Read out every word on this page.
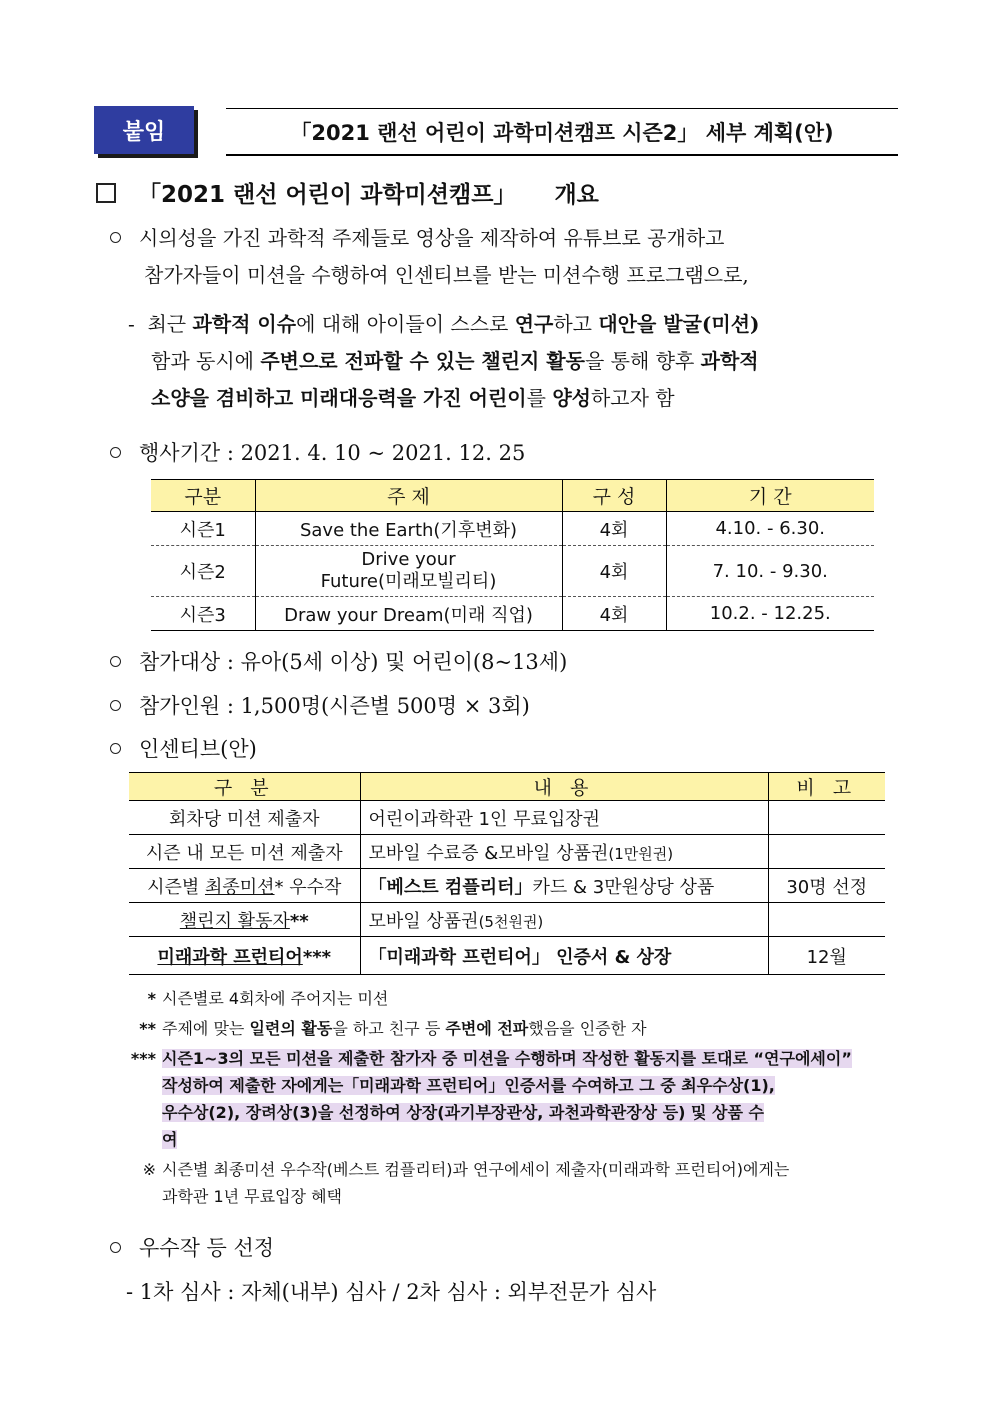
붙임	「2021 랜선 어린이 과학미션캠프 시즌2」 세부 계획(안)
「2021 랜선 어린이 과학미션캠프」 개요
시의성을 가진 과학적 주제들로 영상을 제작하여 유튜브로 공개하고
참가자들이 미션을 수행하여 인센티브를 받는 미션수행 프로그램으로,
- 최근 과학적 이슈에 대해 아이들이 스스로 연구하고 대안을 발굴(미션)
함과 동시에 주변으로 전파할 수 있는 챌린지 활동을 통해 향후 과학적
소양을 겸비하고 미래대응력을 가진 어린이를 양성하고자 함
행사기간 : 2021. 4. 10 ~ 2021. 12. 25
구분	주 제	구 성	기 간
시즌1	Save the Earth(기후변화)	4회	4.10. - 6.30.
시즌2	Drive your
Future(미래모빌리티)	4회	7. 10. - 9.30.
시즌3	Draw your Dream(미래 직업)	4회	10.2. - 12.25.
참가대상 : 유아(5세 이상) 및 어린이(8~13세)
참가인원 : 1,500명(시즌별 500명 × 3회)
인센티브(안)
구 분	내 용	비 고
회차당 미션 제출자	어린이과학관 1인 무료입장권	
시즌 내 모든 미션 제출자	모바일 수료증 &모바일 상품권(1만원권)	
시즌별 최종미션* 우수작	「베스트 컴플리터」카드 & 3만원상당 상품	30명 선정
챌린지 활동자**	모바일 상품권(5천원권)	
미래과학 프런티어***	「미래과학 프런티어」 인증서 & 상장	12월
* 시즌별로 4회차에 주어지는 미션
** 주제에 맞는 일련의 활동을 하고 친구 등 주변에 전파했음을 인증한 자
*** 시즌1~3의 모든 미션을 제출한 참가자 중 미션을 수행하며 작성한 활동지를 토대로 “연구에세이”
작성하여 제출한 자에게는「미래과학 프런티어」인증서를 수여하고 그 중 최우수상(1),
우수상(2), 장려상(3)을 선정하여 상장(과기부장관상, 과천과학관장상 등) 및 상품 수
여
※ 시즌별 최종미션 우수작(베스트 컴플리터)과 연구에세이 제출자(미래과학 프런티어)에게는
과학관 1년 무료입장 혜택
우수작 등 선정
- 1차 심사 : 자체(내부) 심사 / 2차 심사 : 외부전문가 심사
